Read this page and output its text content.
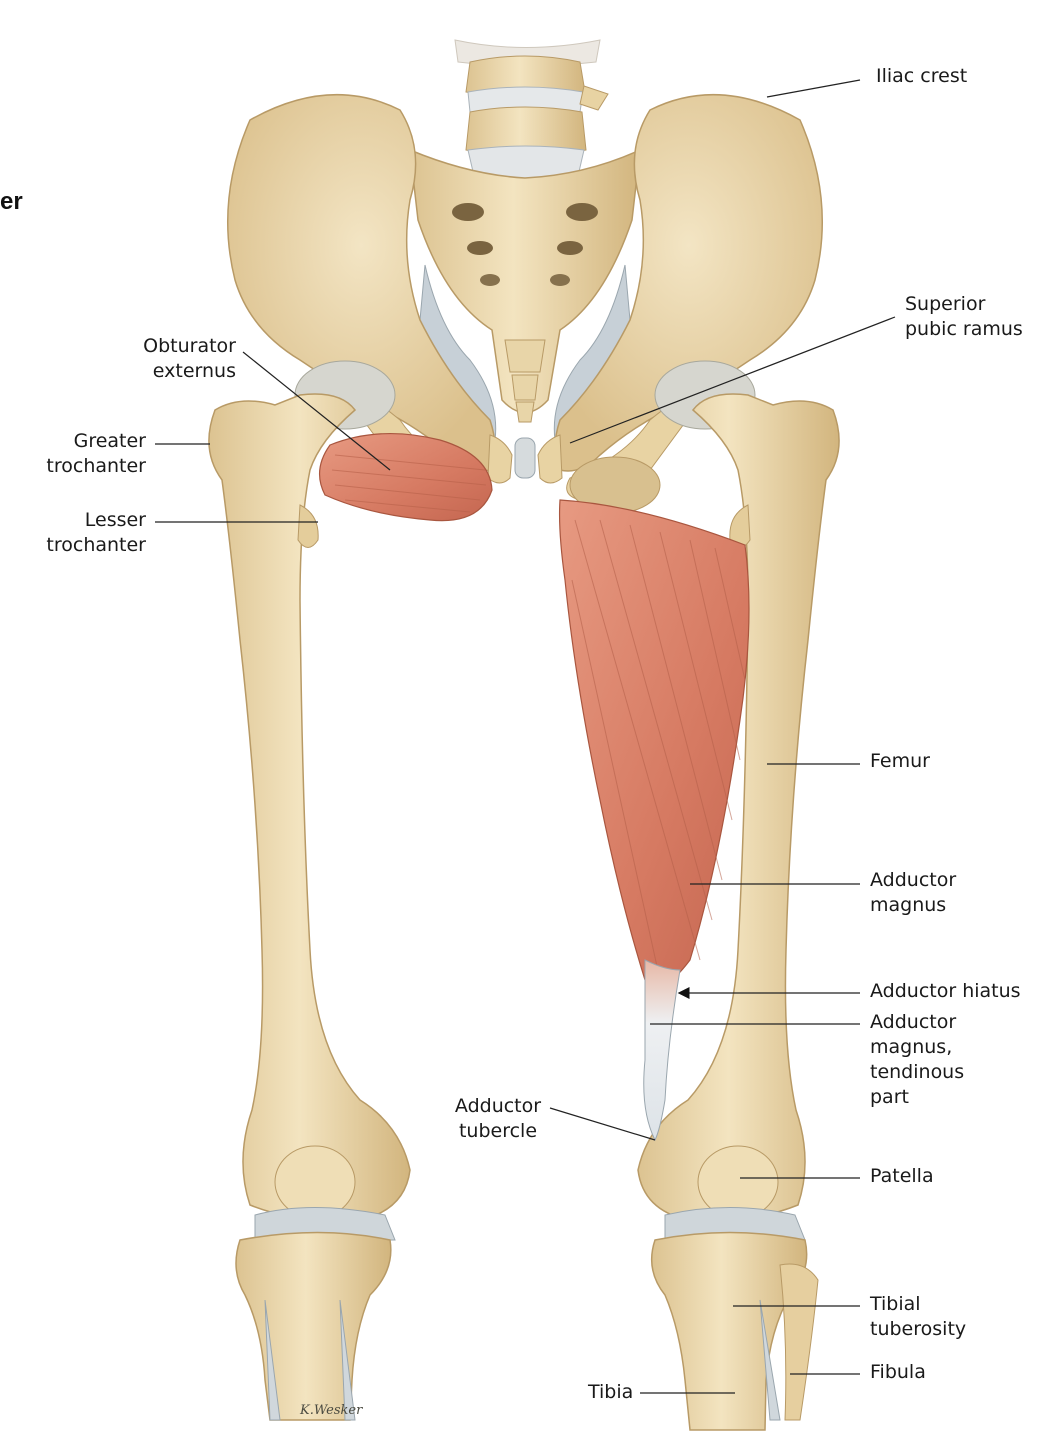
er
K.Wesker
Iliac crest
Superior
pubic ramus
Obturator
externus
Greater
trochanter
Lesser
trochanter
Femur
Adductor
magnus
Adductor hiatus
Adductor
magnus,
tendinous
part
Adductor
tubercle
Patella
Tibial
tuberosity
Fibula
Tibia
